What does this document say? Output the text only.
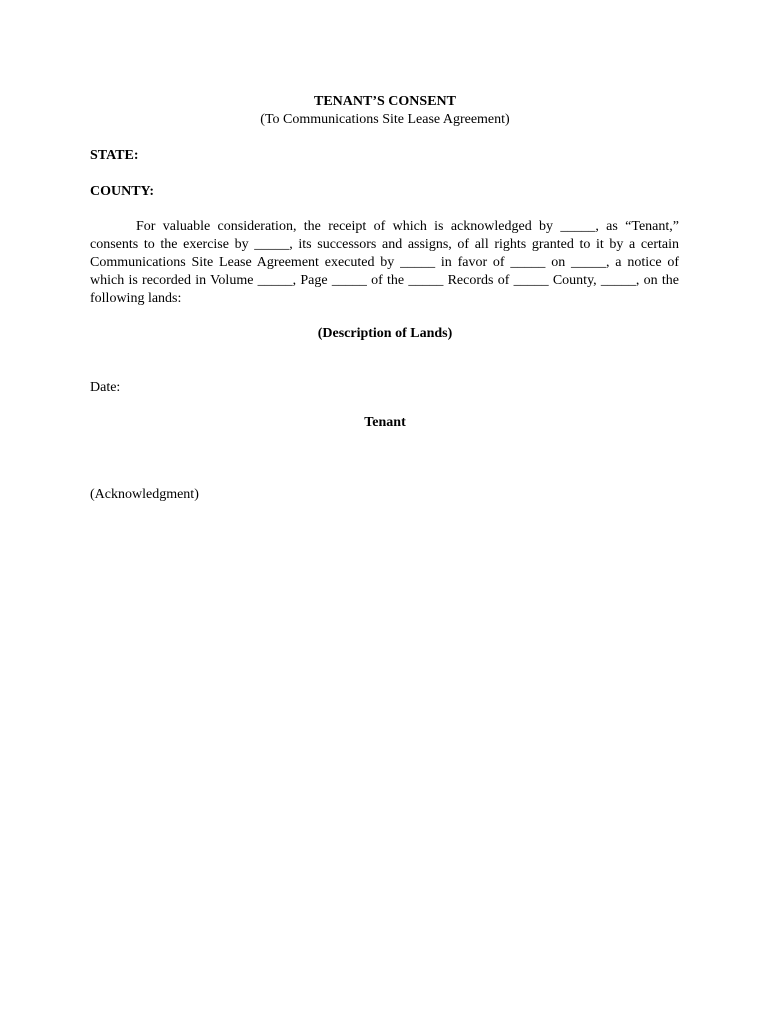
TENANT’S CONSENT
(To Communications Site Lease Agreement)
STATE:
COUNTY:

For valuable consideration, the receipt of which is acknowledged by _____, as “Tenant,” consents to the exercise by _____, its successors and assigns, of all rights granted to it by a certain Communications Site Lease Agreement executed by _____ in favor of _____ on _____, a notice of which is recorded in Volume _____, Page _____ of the _____ Records of _____ County, _____, on the following lands:

(Description of Lands)
Date:
Tenant
(Acknowledgment)
